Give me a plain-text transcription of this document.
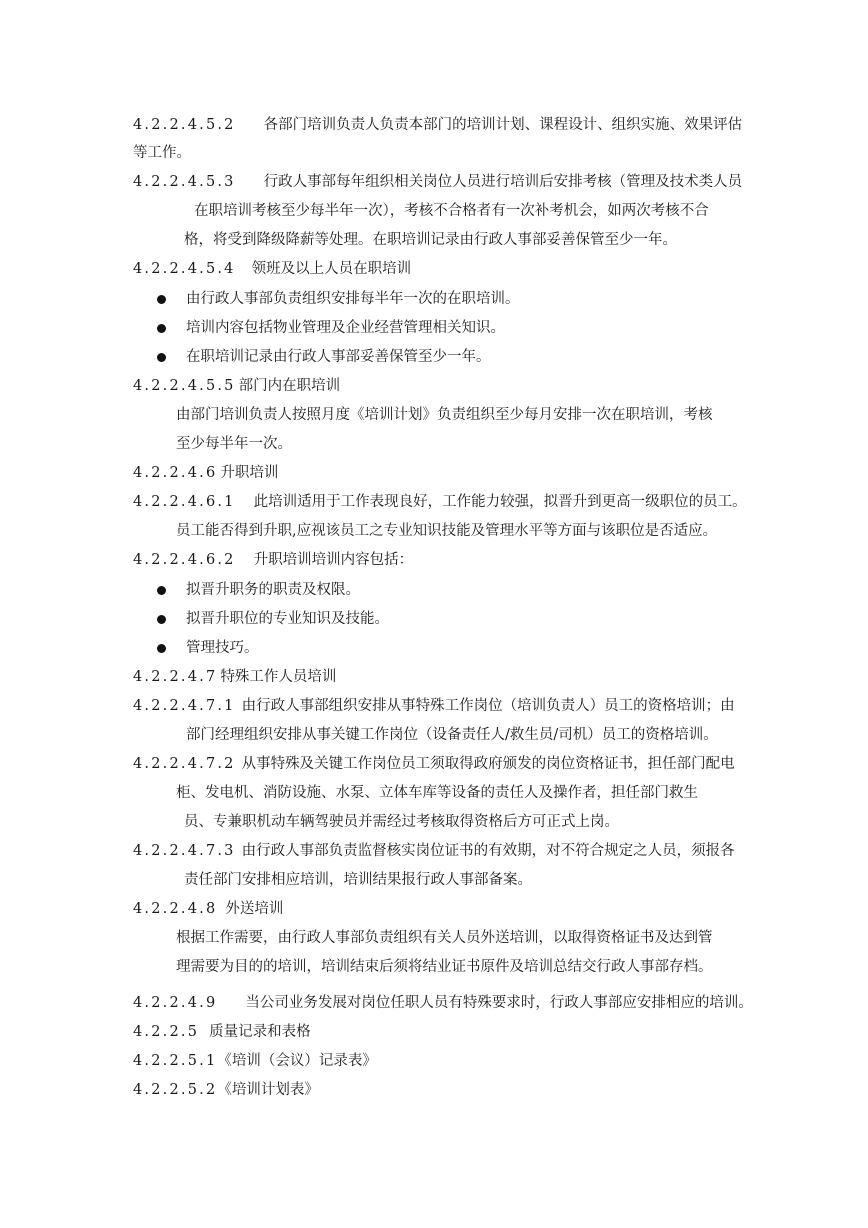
4.2.2.4.5.2 各部门培训负责人负责本部门的培训计划、课程设计、组织实施、效果评估
等工作。
4.2.2.4.5.3 行政人事部每年组织相关岗位人员进行培训后安排考核（管理及技术类人员
在职培训考核至少每半年一次），考核不合格者有一次补考机会，如两次考核不合
格，将受到降级降薪等处理。在职培训记录由行政人事部妥善保管至少一年。
4.2.2.4.5.4 领班及以上人员在职培训
由行政人事部负责组织安排每半年一次的在职培训。
培训内容包括物业管理及企业经营管理相关知识。
在职培训记录由行政人事部妥善保管至少一年。
4.2.2.4.5.5 部门内在职培训
由部门培训负责人按照月度《培训计划》负责组织至少每月安排一次在职培训，考核
至少每半年一次。
4.2.2.4.6 升职培训
4.2.2.4.6.1 此培训适用于工作表现良好，工作能力较强，拟晋升到更高一级职位的员工。
员工能否得到升职,应视该员工之专业知识技能及管理水平等方面与该职位是否适应。
4.2.2.4.6.2 升职培训培训内容包括：
拟晋升职务的职责及权限。
拟晋升职位的专业知识及技能。
管理技巧。
4.2.2.4.7 特殊工作人员培训
4.2.2.4.7.1 由行政人事部组织安排从事特殊工作岗位（培训负责人）员工的资格培训；由
部门经理组织安排从事关键工作岗位（设备责任人/救生员/司机）员工的资格培训。
4.2.2.4.7.2 从事特殊及关键工作岗位员工须取得政府颁发的岗位资格证书，担任部门配电
柜、发电机、消防设施、水泵、立体车库等设备的责任人及操作者，担任部门救生
员、专兼职机动车辆驾驶员并需经过考核取得资格后方可正式上岗。
4.2.2.4.7.3 由行政人事部负责监督核实岗位证书的有效期，对不符合规定之人员，须报各
责任部门安排相应培训，培训结果报行政人事部备案。
4.2.2.4.8 外送培训
根据工作需要，由行政人事部负责组织有关人员外送培训，以取得资格证书及达到管
理需要为目的的培训，培训结束后须将结业证书原件及培训总结交行政人事部存档。
4.2.2.4.9 当公司业务发展对岗位任职人员有特殊要求时，行政人事部应安排相应的培训。
4.2.2.5 质量记录和表格
4.2.2.5.1《培训（会议）记录表》
4.2.2.5.2《培训计划表》
